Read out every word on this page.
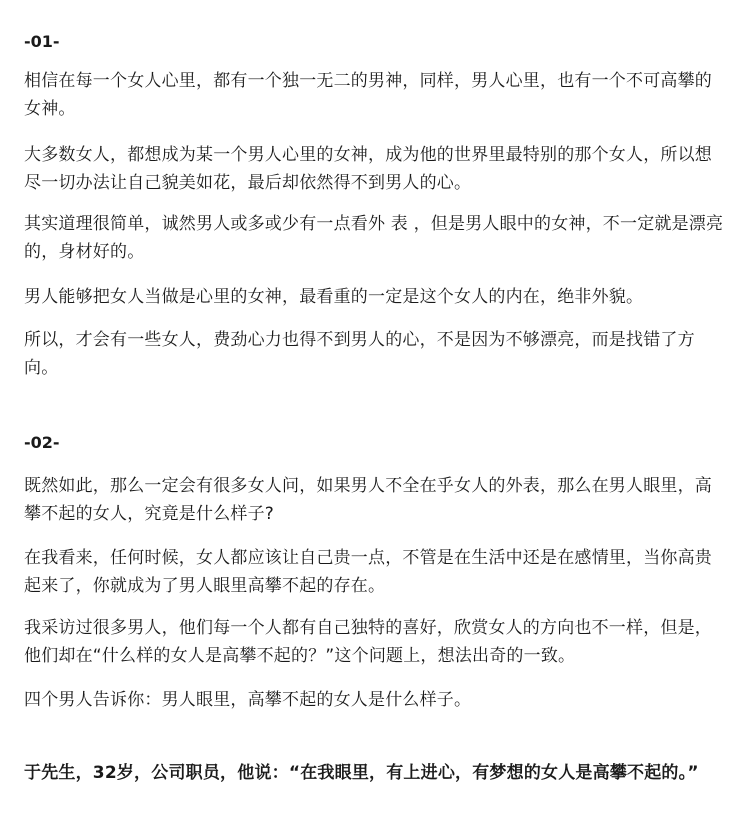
-01-

相信在每一个女人心里，都有一个独一无二的男神，同样，男人心里，也有一个不可高攀的女神。

大多数女人，都想成为某一个男人心里的女神，成为他的世界里最特别的那个女人，所以想尽一切办法让自己貌美如花，最后却依然得不到男人的心。

其实道理很简单，诚然男人或多或少有一点看外 表 ，但是男人眼中的女神，不一定就是漂亮的，身材好的。

男人能够把女人当做是心里的女神，最看重的一定是这个女人的内在，绝非外貌。

所以，才会有一些女人，费劲心力也得不到男人的心，不是因为不够漂亮，而是找错了方向。

-02-

既然如此，那么一定会有很多女人问，如果男人不全在乎女人的外表，那么在男人眼里，高攀不起的女人，究竟是什么样子?

在我看来，任何时候，女人都应该让自己贵一点，不管是在生活中还是在感情里，当你高贵起来了，你就成为了男人眼里高攀不起的存在。

我采访过很多男人，他们每一个人都有自己独特的喜好，欣赏女人的方向也不一样，但是，他们却在“什么样的女人是高攀不起的？”这个问题上，想法出奇的一致。

四个男人告诉你：男人眼里，高攀不起的女人是什么样子。

于先生，32岁，公司职员，他说：“在我眼里，有上进心，有梦想的女人是高攀不起的。”
